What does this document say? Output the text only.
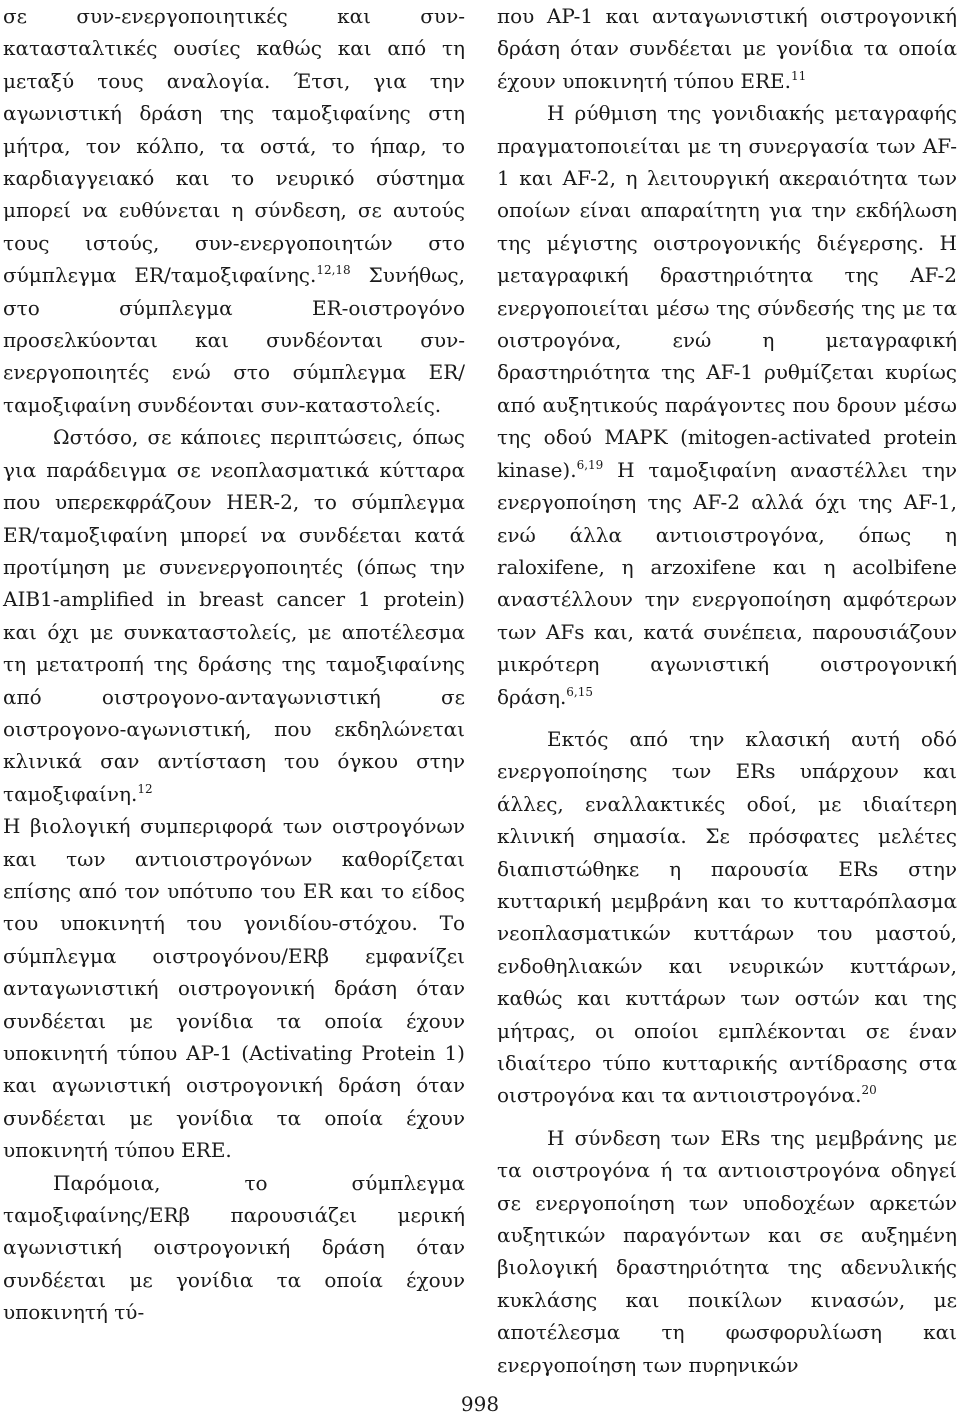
σε συν-ενεργοποιητικές και συν-κατασταλτικές ουσίες καθώς και από τη μεταξύ τους αναλογία. Έτσι, για την αγωνιστική δράση της ταμοξιφαίνης στη μήτρα, τον κόλπο, τα οστά, το ήπαρ, το καρδιαγγειακό και το νευρικό σύστημα μπορεί να ευθύνεται η σύνδεση, σε αυτούς τους ιστούς, συν-ενεργοποιητών στο σύμπλεγμα ER/ταμοξιφαίνης.$^{12,18}$ Συνήθως, στο σύμπλεγμα ER-οιστρογόνο προσελκύονται και συνδέονται συν-ενεργοποιητές ενώ στο σύμπλεγμα ER/ταμοξιφαίνη συνδέονται συν-καταστολείς.

Ωστόσο, σε κάποιες περιπτώσεις, όπως για παράδειγμα σε νεοπλασματικά κύτταρα που υπερεκφράζουν HER-2, το σύμπλεγμα ER/ταμοξιφαίνη μπορεί να συνδέεται κατά προτίμηση με συνενεργοποιητές (όπως την AIB1-amplified in breast cancer 1 protein) και όχι με συνκαταστολείς, με αποτέλεσμα τη μετατροπή της δράσης της ταμοξιφαίνης από οιστρογονο-ανταγωνιστική σε οιστρογονο-αγωνιστική, που εκδηλώνεται κλινικά σαν αντίσταση του όγκου στην ταμοξιφαίνη.$^{12}$

Η βιολογική συμπεριφορά των οιστρογόνων και των αντιοιστρογόνων καθορίζεται επίσης από τον υπότυπο του ER και το είδος του υποκινητή του γονιδίου-στόχου. Το σύμπλεγμα οιστρογόνου/ERβ εμφανίζει ανταγωνιστική οιστρογονική δράση όταν συνδέεται με γονίδια τα οποία έχουν υποκινητή τύπου AP-1 (Activating Protein 1) και αγωνιστική οιστρογονική δράση όταν συνδέεται με γονίδια τα οποία έχουν υποκινητή τύπου ERE.

Παρόμοια, το σύμπλεγμα ταμοξιφαίνης/ERβ παρουσιάζει μερική αγωνιστική οιστρογονική δράση όταν συνδέεται με γονίδια τα οποία έχουν υποκινητή τύ-

που AP-1 και ανταγωνιστική οιστρογονική δράση όταν συνδέεται με γονίδια τα οποία έχουν υποκινητή τύπου ERE.$^{11}$

Η ρύθμιση της γονιδιακής μεταγραφής πραγματοποιείται με τη συνεργασία των AF-1 και AF-2, η λειτουργική ακεραιότητα των οποίων είναι απαραίτητη για την εκδήλωση της μέγιστης οιστρογονικής διέγερσης. Η μεταγραφική δραστηριότητα της AF-2 ενεργοποιείται μέσω της σύνδεσής της με τα οιστρογόνα, ενώ η μεταγραφική δραστηριότητα της AF-1 ρυθμίζεται κυρίως από αυξητικούς παράγοντες που δρουν μέσω της οδού MAPK (mitogen-activated protein kinase).$^{6,19}$ Η ταμοξιφαίνη αναστέλλει την ενεργοποίηση της AF-2 αλλά όχι της AF-1, ενώ άλλα αντιοιστρογόνα, όπως η raloxifene, η arzoxifene και η acolbifene αναστέλλουν την ενεργοποίηση αμφότερων των AFs και, κατά συνέπεια, παρουσιάζουν μικρότερη αγωνιστική οιστρογονική δράση.$^{6,15}$

Εκτός από την κλασική αυτή οδό ενεργοποίησης των ERs υπάρχουν και άλλες, εναλλακτικές οδοί, με ιδιαίτερη κλινική σημασία. Σε πρόσφατες μελέτες διαπιστώθηκε η παρουσία ERs στην κυτταρική μεμβράνη και το κυτταρόπλασμα νεοπλασματικών κυττάρων του μαστού, ενδοθηλιακών και νευρικών κυττάρων, καθώς και κυττάρων των οστών και της μήτρας, οι οποίοι εμπλέκονται σε έναν ιδιαίτερο τύπο κυτταρικής αντίδρασης στα οιστρογόνα και τα αντιοιστρογόνα.$^{20}$

Η σύνδεση των ERs της μεμβράνης με τα οιστρογόνα ή τα αντιοιστρογόνα οδηγεί σε ενεργοποίηση των υποδοχέων αρκετών αυξητικών παραγόντων και σε αυξημένη βιολογική δραστηριότητα της αδενυλικής κυκλάσης και ποικίλων κινασών, με αποτέλεσμα τη φωσφορυλίωση και ενεργοποίηση των πυρηνικών

998
